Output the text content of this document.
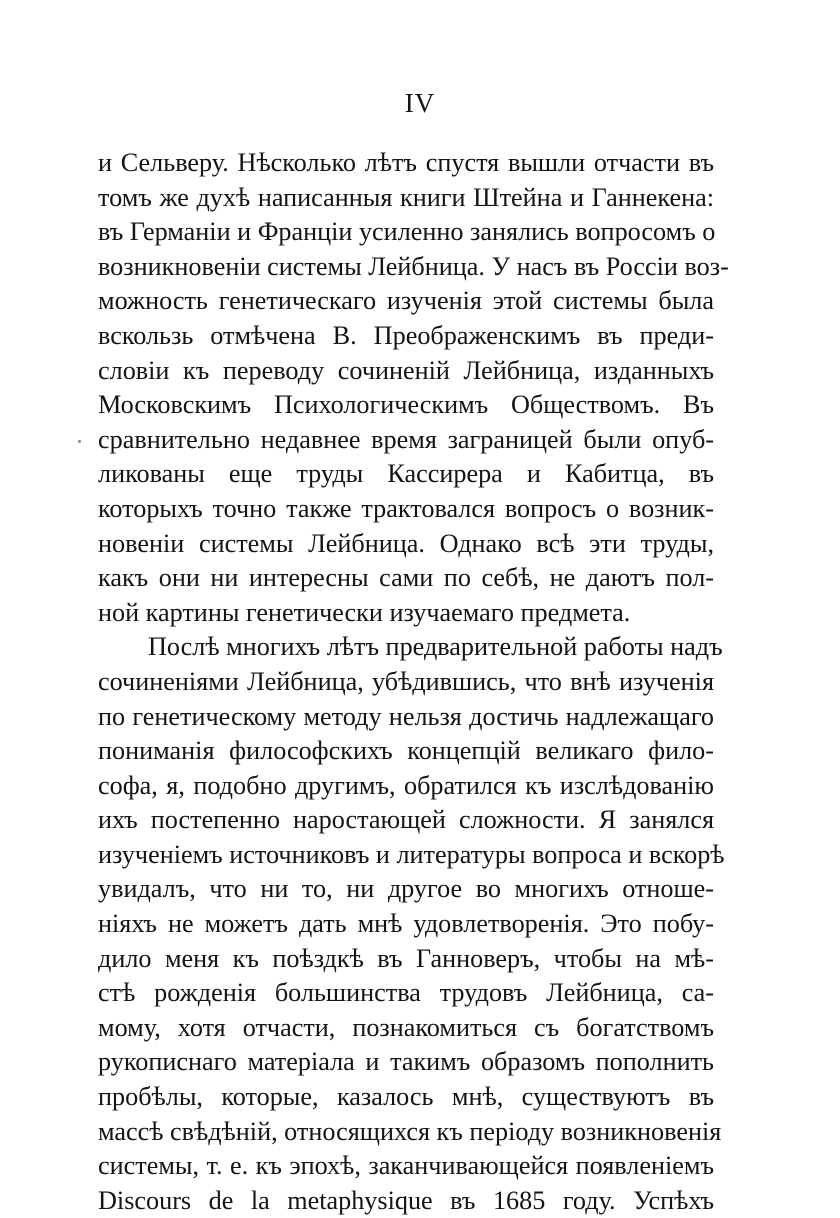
IV
и Сельверу. Нѣсколько лѣтъ спустя вышли отчасти въ
томъ же духѣ написанныя книги Штейна и Ганнекена:
въ Германіи и Франціи усиленно занялись вопросомъ о
возникновеніи системы Лейбница. У насъ въ Россіи воз-
можность генетическаго изученія этой системы была
вскользь отмѣчена В. Преображенскимъ въ преди-
словіи къ переводу сочиненій Лейбница, изданныхъ
Московскимъ Психологическимъ Обществомъ. Въ
сравнительно недавнее время заграницей были опуб-
ликованы еще труды Кассирера и Кабитца, въ
которыхъ точно также трактовался вопросъ о возник-
новеніи системы Лейбница. Однако всѣ эти труды,
какъ они ни интересны сами по себѣ, не даютъ пол-
ной картины генетически изучаемаго предмета.
Послѣ многихъ лѣтъ предварительной работы надъ
сочиненіями Лейбница, убѣдившись, что внѣ изученія
по генетическому методу нельзя достичь надлежащаго
пониманія философскихъ концепцій великаго фило-
софа, я, подобно другимъ, обратился къ изслѣдованію
ихъ постепенно наростающей сложности. Я занялся
изученіемъ источниковъ и литературы вопроса и вскорѣ
увидалъ, что ни то, ни другое во многихъ отноше-
ніяхъ не можетъ дать мнѣ удовлетворенія. Это побу-
дило меня къ поѣздкѣ въ Ганноверъ, чтобы на мѣ-
стѣ рожденія большинства трудовъ Лейбница, са-
мому, хотя отчасти, познакомиться съ богатствомъ
рукописнаго матеріала и такимъ образомъ пополнить
пробѣлы, которые, казалось мнѣ, существуютъ въ
массѣ свѣдѣній, относящихся къ періоду возникновенія
системы, т. е. къ эпохѣ, заканчивающейся появленіемъ
Discours de la metaphysique въ 1685 году. Успѣхъ
